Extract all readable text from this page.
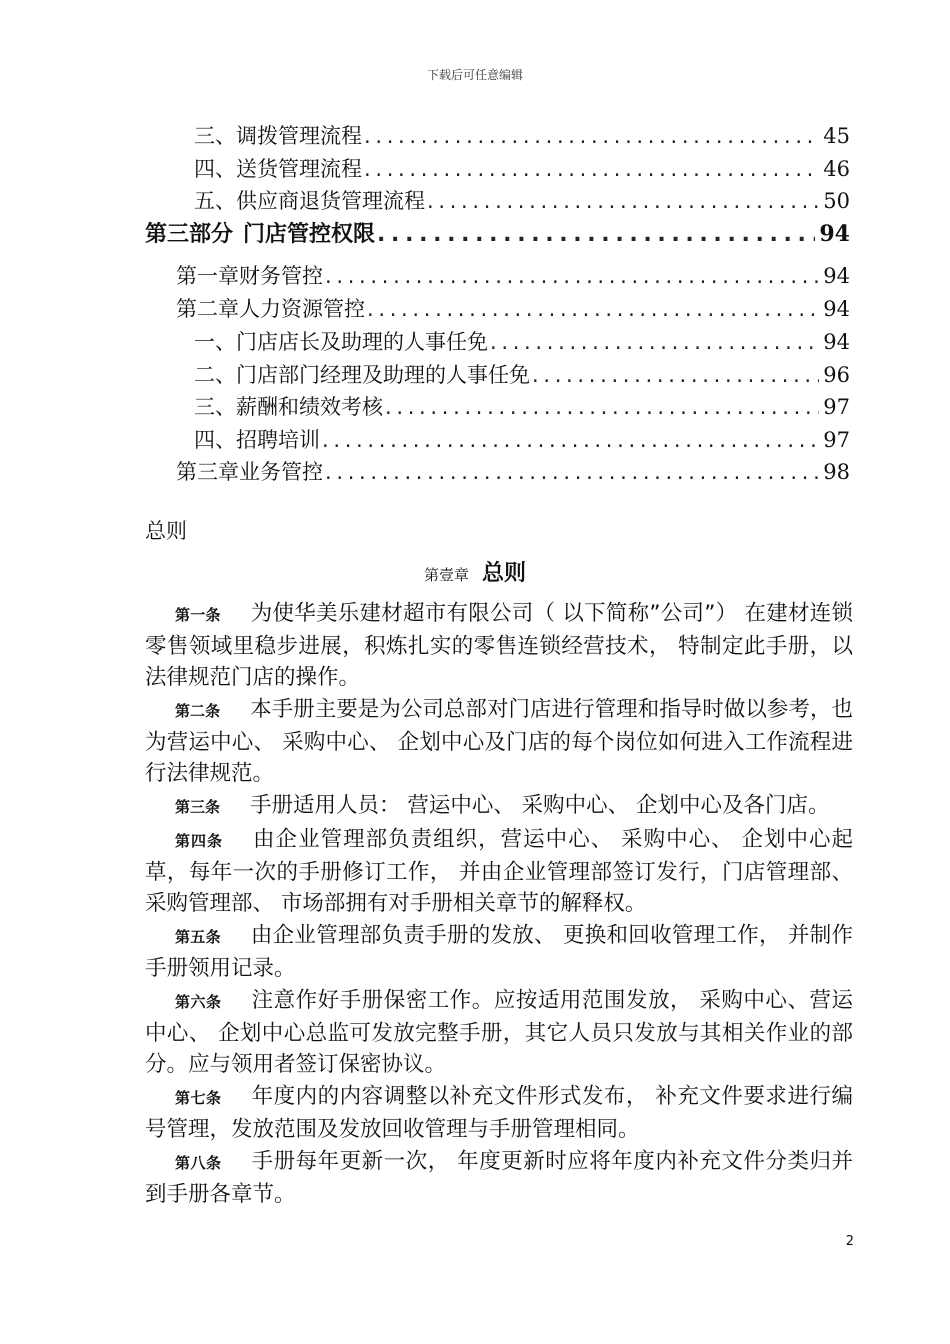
下载后可任意编辑
三、 调拨管理流程 . . .	45
四、 送货管理流程 . . .	46
五、 供应商退货管理流程 . . .	50
第三部分 门店管控权限 . . .	94
第一章 财务管控 . . .	94
第二章 人力资源管控 . . .	94
一、 门店店长及助理的人事任免 . . .	94
二、 门店部门经理及助理的人事任免 . . .	96
三、 薪酬和绩效考核 . . .	97
四、 招聘培训 . . .	97
第三章 业务管控 . . .	98
总则
第壹章 总则

第一条 为使华美乐建材超市有限公司（ 以下简称”公司”） 在建材连锁零售领域里稳步进展，积炼扎实的零售连锁经营技术， 特制定此手册，以法律规范门店的操作。

第二条 本手册主要是为公司总部对门店进行管理和指导时做以参考，也为营运中心、 采购中心、 企划中心及门店的每个岗位如何进入工作流程进行法律规范。

第三条 手册适用人员： 营运中心、 采购中心、 企划中心及各门店。

第四条 由企业管理部负责组织，营运中心、 采购中心、 企划中心起草，每年一次的手册修订工作， 并由企业管理部签订发行，门店管理部、 采购管理部、 市场部拥有对手册相关章节的解释权。

第五条 由企业管理部负责手册的发放、 更换和回收管理工作， 并制作手册领用记录。

第六条 注意作好手册保密工作。应按适用范围发放， 采购中心、营运中心、 企划中心总监可发放完整手册，其它人员只发放与其相关作业的部分。应与领用者签订保密协议。

第七条 年度内的内容调整以补充文件形式发布， 补充文件要求进行编号管理，发放范围及发放回收管理与手册管理相同。

第八条 手册每年更新一次， 年度更新时应将年度内补充文件分类归并到手册各章节。

2
